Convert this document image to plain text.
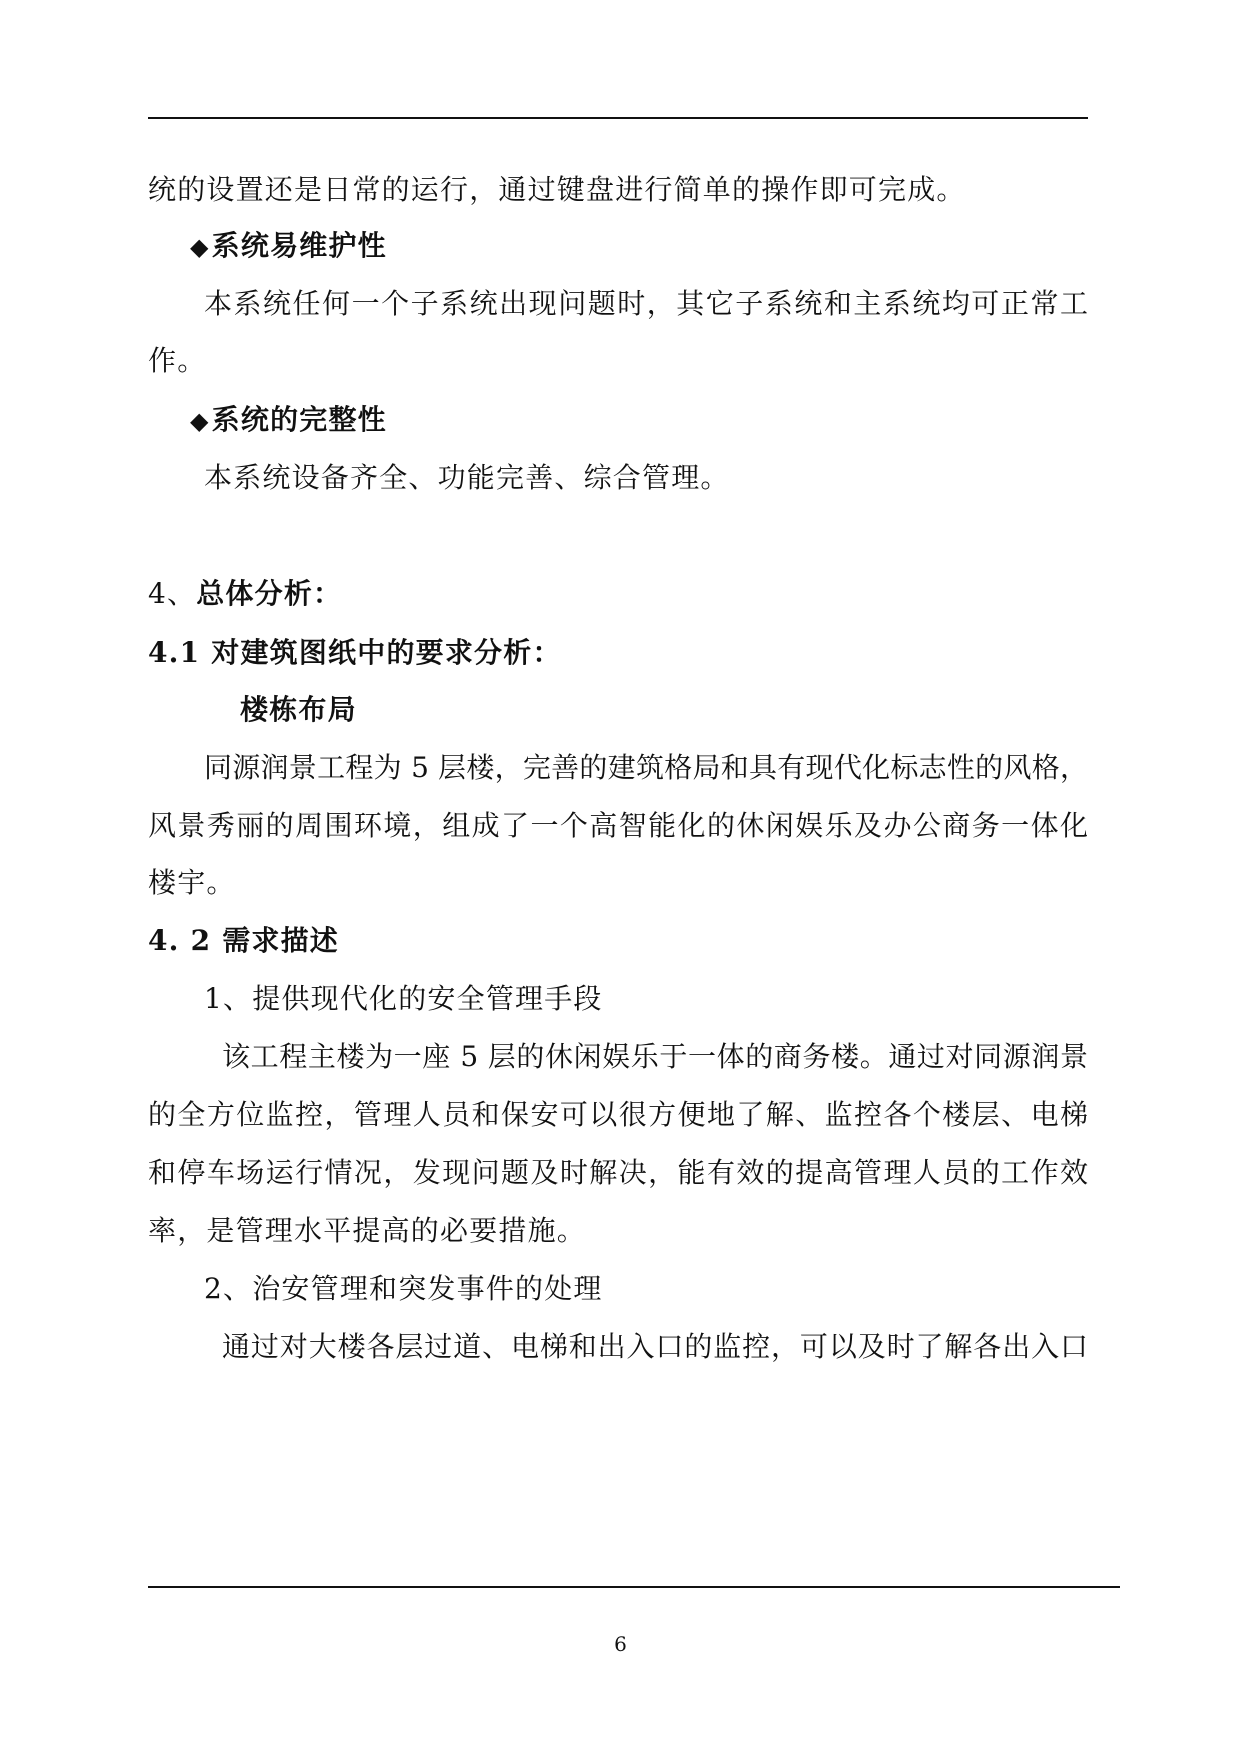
统的设置还是日常的运行，通过键盘进行简单的操作即可完成。
◆系统易维护性
本系统任何一个子系统出现问题时，其它子系统和主系统均可正常工
作。
◆系统的完整性
本系统设备齐全、功能完善、综合管理。
4、总体分析：
4.1 对建筑图纸中的要求分析：
楼栋布局
同源润景工程为 5 层楼，完善的建筑格局和具有现代化标志性的风格，
风景秀丽的周围环境，组成了一个高智能化的休闲娱乐及办公商务一体化
楼宇。
4. 2 需求描述
1、提供现代化的安全管理手段
该工程主楼为一座 5 层的休闲娱乐于一体的商务楼。通过对同源润景
的全方位监控，管理人员和保安可以很方便地了解、监控各个楼层、电梯
和停车场运行情况，发现问题及时解决，能有效的提高管理人员的工作效
率，是管理水平提高的必要措施。
2、治安管理和突发事件的处理
通过对大楼各层过道、电梯和出入口的监控，可以及时了解各出入口
6
